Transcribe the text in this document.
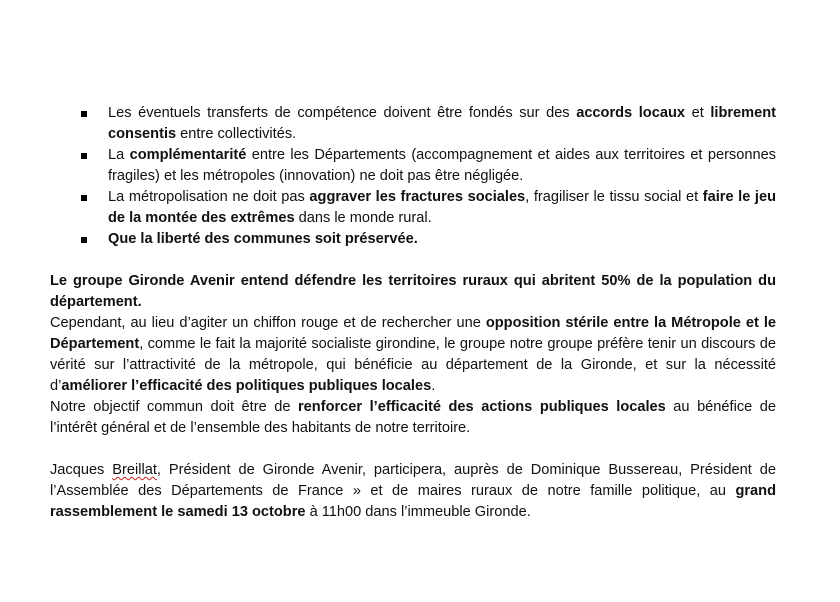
Les éventuels transferts de compétence doivent être fondés sur des accords locaux et librement consentis entre collectivités.
La complémentarité entre les Départements (accompagnement et aides aux territoires et personnes fragiles) et les métropoles (innovation) ne doit pas être négligée.
La métropolisation ne doit pas aggraver les fractures sociales, fragiliser le tissu social et faire le jeu de la montée des extrêmes dans le monde rural.
Que la liberté des communes soit préservée.

Le groupe Gironde Avenir entend défendre les territoires ruraux qui abritent 50% de la population du département.

Cependant, au lieu d’agiter un chiffon rouge et de rechercher une opposition stérile entre la Métropole et le Département, comme le fait la majorité socialiste girondine, le groupe notre groupe préfère tenir un discours de vérité sur l’attractivité de la métropole, qui bénéficie au département de la Gironde, et sur la nécessité d’améliorer l’efficacité des politiques publiques locales.

Notre objectif commun doit être de renforcer l’efficacité des actions publiques locales au bénéfice de l’intérêt général et de l’ensemble des habitants de notre territoire.

Jacques Breillat, Président de Gironde Avenir, participera, auprès de Dominique Bussereau, Président de l’Assemblée des Départements de France » et de maires ruraux de notre famille politique, au grand rassemblement le samedi 13 octobre à 11h00 dans l’immeuble Gironde.
